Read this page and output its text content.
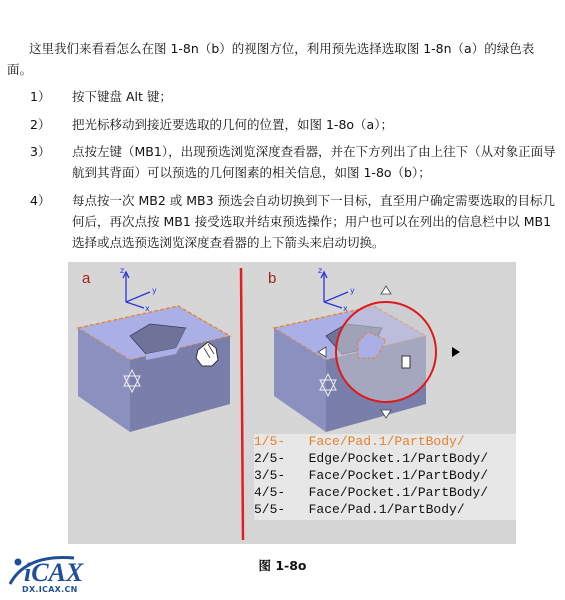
这里我们来看看怎么在图 1-8n（b）的视图方位，利用预先选择选取图 1-8n（a）的绿色表面。

1）	按下键盘 Alt 键；
2）	把光标移动到接近要选取的几何的位置，如图 1-8o（a）；
3）	点按左键（MB1），出现预选浏览深度查看器，并在下方列出了由上往下（从对象正面导航到其背面）可以预选的几何图素的相关信息，如图 1-8o（b）；
4）	每点按一次 MB2 或 MB3 预选会自动切换到下一目标，直至用户确定需要选取的目标几何后，再次点按 MB1 接受选取并结束预选操作；用户也可以在列出的信息栏中以 MB1 选择或点选预选浏览深度查看器的上下箭头来启动切换。
z
y
x
z
y
x
a	b
1/5-   Face/Pad.1/PartBody/
2/5-   Edge/Pocket.1/PartBody/
3/5-   Face/Pocket.1/PartBody/
4/5-   Face/Pocket.1/PartBody/
5/5-   Face/Pad.1/PartBody/
图 1-8o
iCAX
DX.ICAX.CN
